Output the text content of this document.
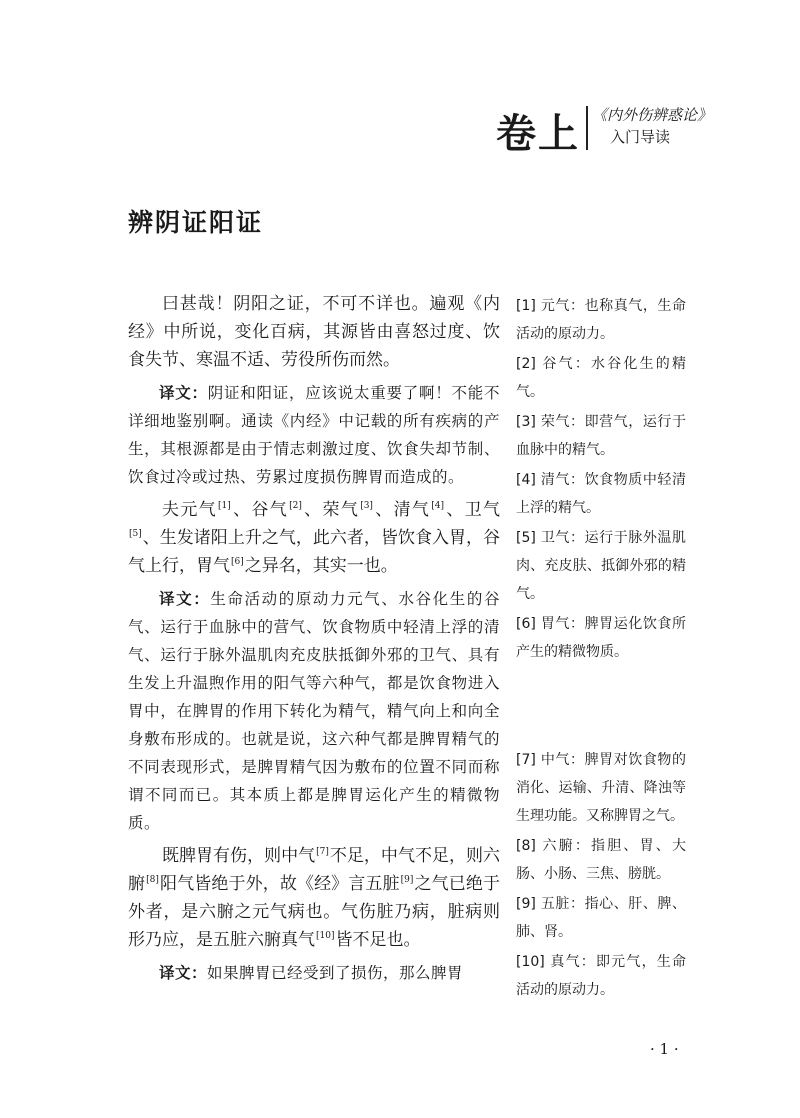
卷上 《内外伤辨惑论》
入门导读
辨阴证阳证

曰甚哉！阴阳之证，不可不详也。遍观《内经》中所说，变化百病，其源皆由喜怒过度、饮食失节、寒温不适、劳役所伤而然。

译文：阴证和阳证，应该说太重要了啊！不能不详细地鉴别啊。通读《内经》中记载的所有疾病的产生，其根源都是由于情志刺激过度、饮食失却节制、饮食过冷或过热、劳累过度损伤脾胃而造成的。

夫元气[1]、谷气[2]、荣气[3]、清气[4]、卫气[5]、生发诸阳上升之气，此六者，皆饮食入胃，谷气上行，胃气[6]之异名，其实一也。

译文：生命活动的原动力元气、水谷化生的谷气、运行于血脉中的营气、饮食物质中轻清上浮的清气、运行于脉外温肌肉充皮肤抵御外邪的卫气、具有生发上升温煦作用的阳气等六种气，都是饮食物进入胃中，在脾胃的作用下转化为精气，精气向上和向全身敷布形成的。也就是说，这六种气都是脾胃精气的不同表现形式，是脾胃精气因为敷布的位置不同而称谓不同而已。其本质上都是脾胃运化产生的精微物质。

既脾胃有伤，则中气[7]不足，中气不足，则六腑[8]阳气皆绝于外，故《经》言五脏[9]之气已绝于外者，是六腑之元气病也。气伤脏乃病，脏病则形乃应，是五脏六腑真气[10]皆不足也。

译文：如果脾胃已经受到了损伤，那么脾胃

[1] 元气：也称真气，生命活动的原动力。
[2] 谷气：水谷化生的精气。
[3] 荣气：即营气，运行于血脉中的精气。
[4] 清气：饮食物质中轻清上浮的精气。
[5] 卫气：运行于脉外温肌肉、充皮肤、抵御外邪的精气。
[6] 胃气：脾胃运化饮食所产生的精微物质。
[7] 中气：脾胃对饮食物的消化、运输、升清、降浊等生理功能。又称脾胃之气。
[8] 六腑：指胆、胃、大肠、小肠、三焦、膀胱。
[9] 五脏：指心、肝、脾、肺、肾。
[10] 真气：即元气，生命活动的原动力。
· 1 ·
